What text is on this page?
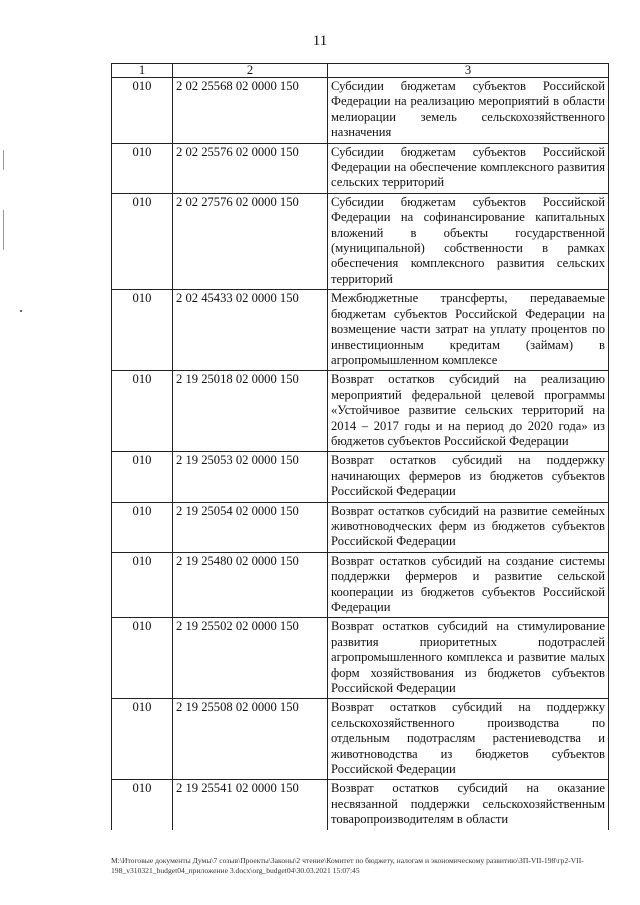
11
1	2	3
010	2 02 25568 02 0000 150	Субсидии бюджетам субъектов Российской Федерации на реализацию мероприятий в области мелиорации земель сельскохозяйственного назначения
010	2 02 25576 02 0000 150	Субсидии бюджетам субъектов Российской Федерации на обеспечение комплексного развития сельских территорий
010	2 02 27576 02 0000 150	Субсидии бюджетам субъектов Российской Федерации на софинансирование капитальных вложений в объекты государственной (муниципальной) собственности в рамках обеспечения комплексного развития сельских территорий
010	2 02 45433 02 0000 150	Межбюджетные трансферты, передаваемые бюджетам субъектов Российской Федерации на возмещение части затрат на уплату процентов по инвестиционным кредитам (займам) в агропромышленном комплексе
010	2 19 25018 02 0000 150	Возврат остатков субсидий на реализацию мероприятий федеральной целевой программы «Устойчивое развитие сельских территорий на 2014 – 2017 годы и на период до 2020 года» из бюджетов субъектов Российской Федерации
010	2 19 25053 02 0000 150	Возврат остатков субсидий на поддержку начинающих фермеров из бюджетов субъектов Российской Федерации
010	2 19 25054 02 0000 150	Возврат остатков субсидий на развитие семейных животноводческих ферм из бюджетов субъектов Российской Федерации
010	2 19 25480 02 0000 150	Возврат остатков субсидий на создание системы поддержки фермеров и развитие сельской кооперации из бюджетов субъектов Российской Федерации
010	2 19 25502 02 0000 150	Возврат остатков субсидий на стимулирование развития приоритетных подотраслей агропромышленного комплекса и развитие малых форм хозяйствования из бюджетов субъектов Российской Федерации
010	2 19 25508 02 0000 150	Возврат остатков субсидий на поддержку сельскохозяйственного производства по отдельным подотраслям растениеводства и животноводства из бюджетов субъектов Российской Федерации
010	2 19 25541 02 0000 150	Возврат остатков субсидий на оказание несвязанной поддержки сельскохозяйственным товаропроизводителям в области
M:\Итоговые документы Думы\7 созыв\Проекты\Законы\2 чтение\Комитет по бюджету, налогам и экономическому развитию\ЗП-VII-198\гр2-VII-
198_v310321_budget04_приложение 3.docx\org_budget04\30.03.2021 15:07:45
